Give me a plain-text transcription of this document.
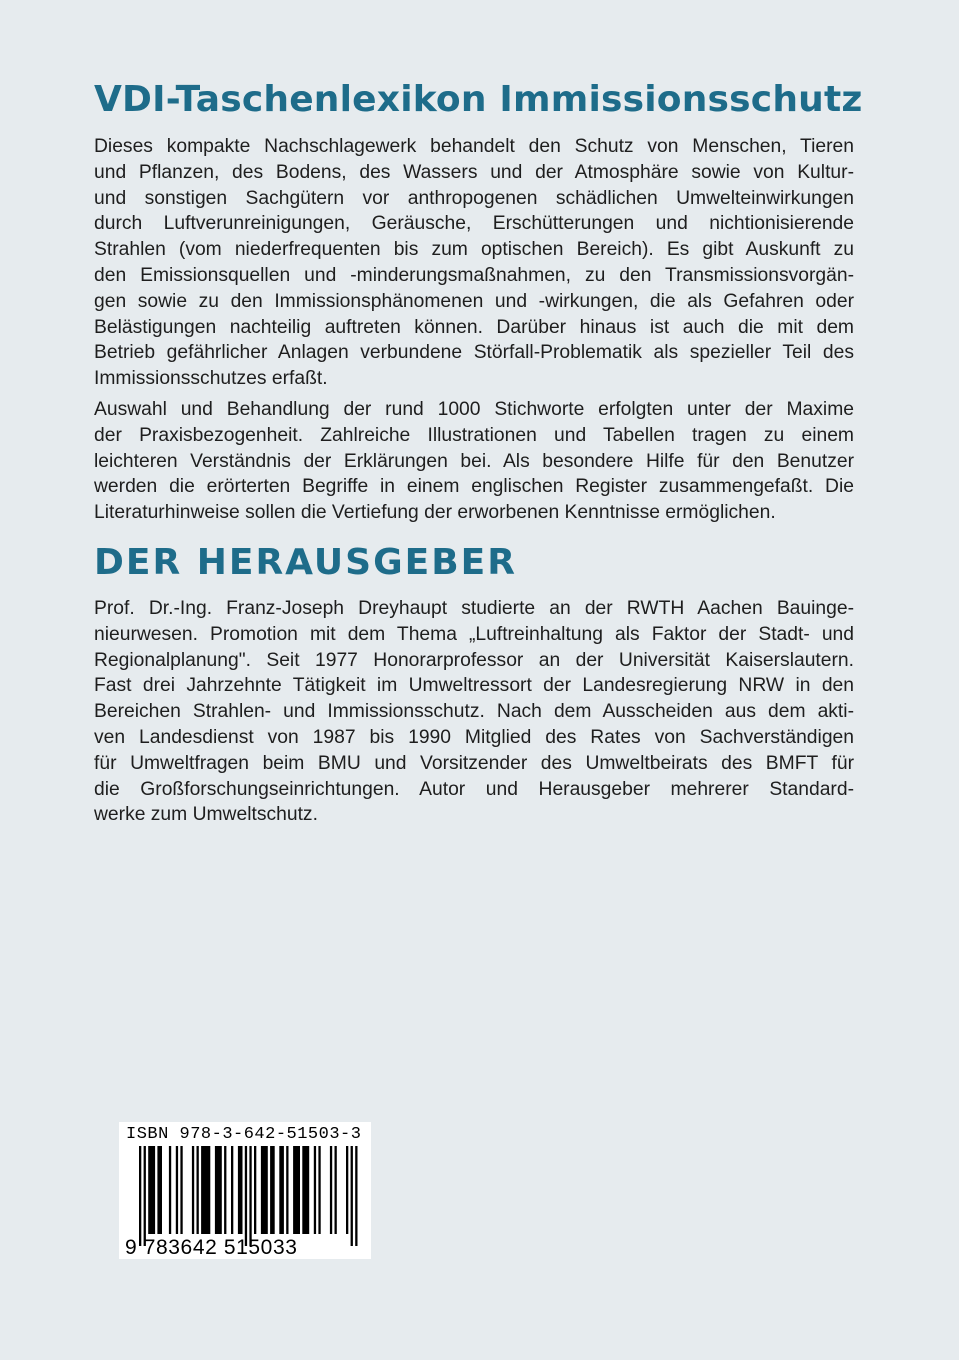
VDI-Taschenlexikon Immissionsschutz
Dieses kompakte Nachschlagewerk behandelt den Schutz von Menschen, Tieren
und Pflanzen, des Bodens, des Wassers und der Atmosphäre sowie von Kultur-
und sonstigen Sachgütern vor anthropogenen schädlichen Umwelteinwirkungen
durch Luftverunreinigungen, Geräusche, Erschütterungen und nichtionisierende
Strahlen (vom niederfrequenten bis zum optischen Bereich). Es gibt Auskunft zu
den Emissionsquellen und -minderungsmaßnahmen, zu den Transmissionsvorgän-
gen sowie zu den Immissionsphänomenen und -wirkungen, die als Gefahren oder
Belästigungen nachteilig auftreten können. Darüber hinaus ist auch die mit dem
Betrieb gefährlicher Anlagen verbundene Störfall-Problematik als spezieller Teil des
Immissionsschutzes erfaßt.
Auswahl und Behandlung der rund 1000 Stichworte erfolgten unter der Maxime
der Praxisbezogenheit. Zahlreiche Illustrationen und Tabellen tragen zu einem
leichteren Verständnis der Erklärungen bei. Als besondere Hilfe für den Benutzer
werden die erörterten Begriffe in einem englischen Register zusammengefaßt. Die
Literaturhinweise sollen die Vertiefung der erworbenen Kenntnisse ermöglichen.
DER HERAUSGEBER
Prof. Dr.-Ing. Franz-Joseph Dreyhaupt studierte an der RWTH Aachen Bauinge-
nieurwesen. Promotion mit dem Thema „Luftreinhaltung als Faktor der Stadt- und
Regionalplanung". Seit 1977 Honorarprofessor an der Universität Kaiserslautern.
Fast drei Jahrzehnte Tätigkeit im Umweltressort der Landesregierung NRW in den
Bereichen Strahlen- und Immissionsschutz. Nach dem Ausscheiden aus dem akti-
ven Landesdienst von 1987 bis 1990 Mitglied des Rates von Sachverständigen
für Umweltfragen beim BMU und Vorsitzender des Umweltbeirats des BMFT für
die Großforschungseinrichtungen. Autor und Herausgeber mehrerer Standard-
werke zum Umweltschutz.
ISBN 978-3-642-51503-3
9 783642 515033
